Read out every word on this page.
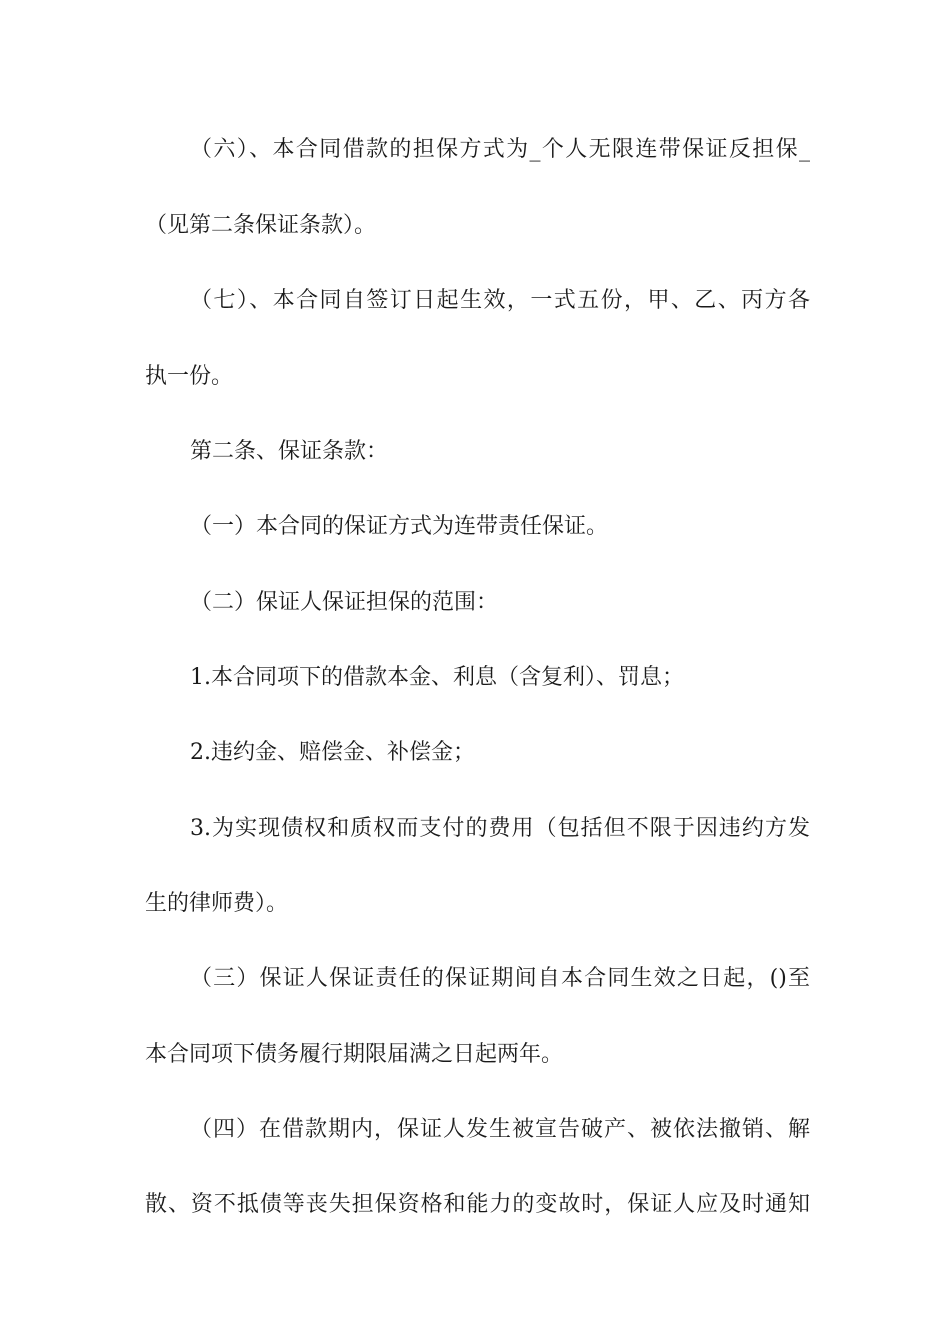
（六）、本合同借款的担保方式为_个人无限连带保证反担保_
（见第二条保证条款）。
（七）、本合同自签订日起生效，一式五份，甲、乙、丙方各
执一份。
第二条、保证条款：
（一）本合同的保证方式为连带责任保证。
（二）保证人保证担保的范围：
1.本合同项下的借款本金、利息（含复利）、罚息；
2.违约金、赔偿金、补偿金；
3.为实现债权和质权而支付的费用（包括但不限于因违约方发
生的律师费）。
（三）保证人保证责任的保证期间自本合同生效之日起，()至
本合同项下债务履行期限届满之日起两年。
（四）在借款期内，保证人发生被宣告破产、被依法撤销、解
散、资不抵债等丧失担保资格和能力的变故时，保证人应及时通知
